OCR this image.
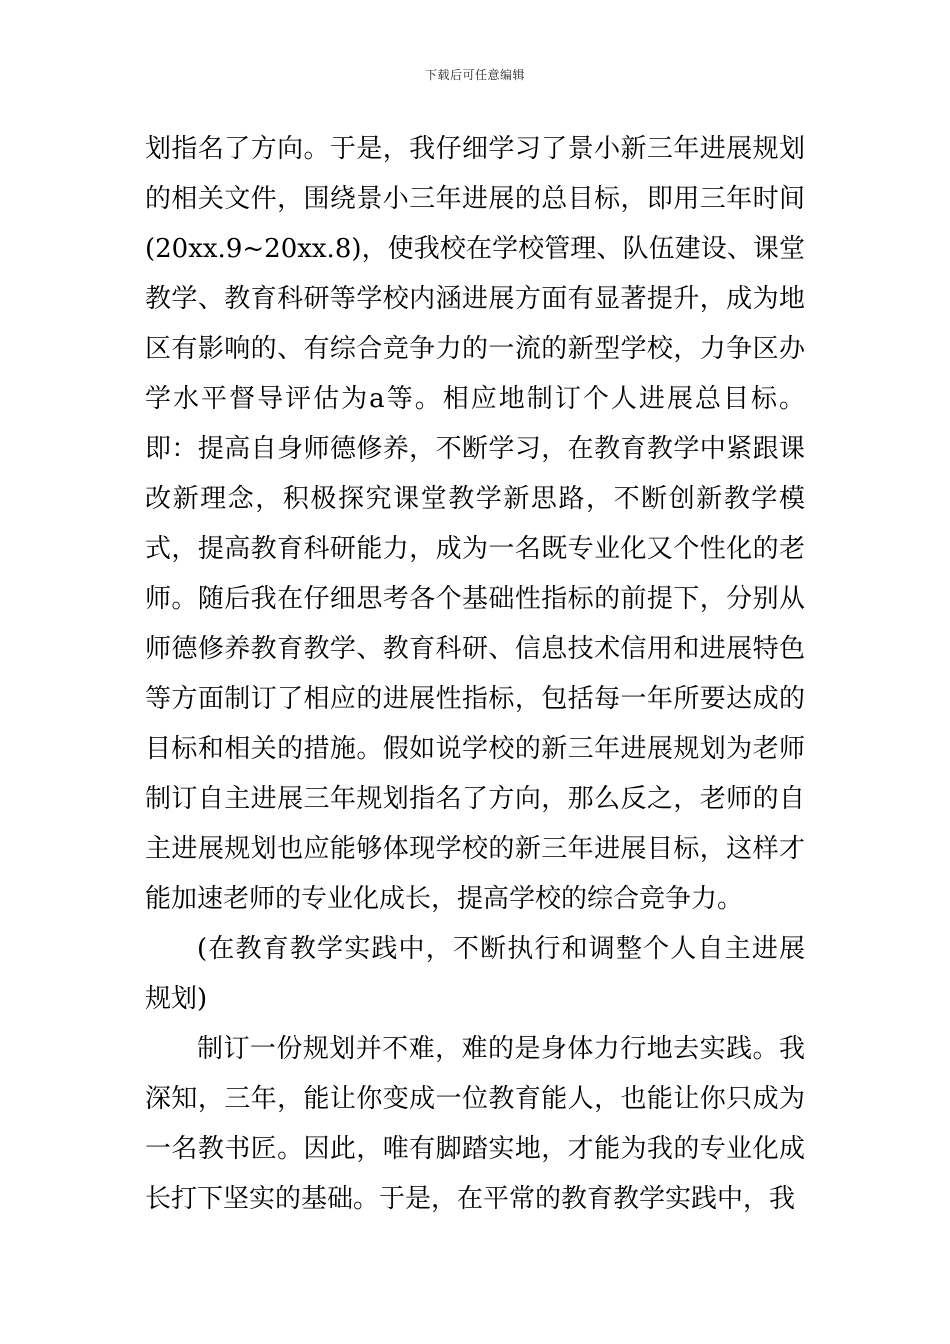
下载后可任意编辑

划指名了方向。于是，我仔细学习了景小新三年进展规划的相关文件，围绕景小三年进展的总目标，即用三年时间(20xx.9~20xx.8)，使我校在学校管理、队伍建设、课堂教学、教育科研等学校内涵进展方面有显著提升，成为地区有影响的、有综合竞争力的一流的新型学校，力争区办学水平督导评估为a等。相应地制订个人进展总目标。即：提高自身师德修养，不断学习，在教育教学中紧跟课改新理念，积极探究课堂教学新思路，不断创新教学模式，提高教育科研能力，成为一名既专业化又个性化的老师。随后我在仔细思考各个基础性指标的前提下，分别从师德修养教育教学、教育科研、信息技术信用和进展特色等方面制订了相应的进展性指标，包括每一年所要达成的目标和相关的措施。假如说学校的新三年进展规划为老师制订自主进展三年规划指名了方向，那么反之，老师的自主进展规划也应能够体现学校的新三年进展目标，这样才能加速老师的专业化成长，提高学校的综合竞争力。

(在教育教学实践中，不断执行和调整个人自主进展规划)

制订一份规划并不难，难的是身体力行地去实践。我深知，三年，能让你变成一位教育能人，也能让你只成为一名教书匠。因此，唯有脚踏实地，才能为我的专业化成长打下坚实的基础。于是，在平常的教育教学实践中，我
